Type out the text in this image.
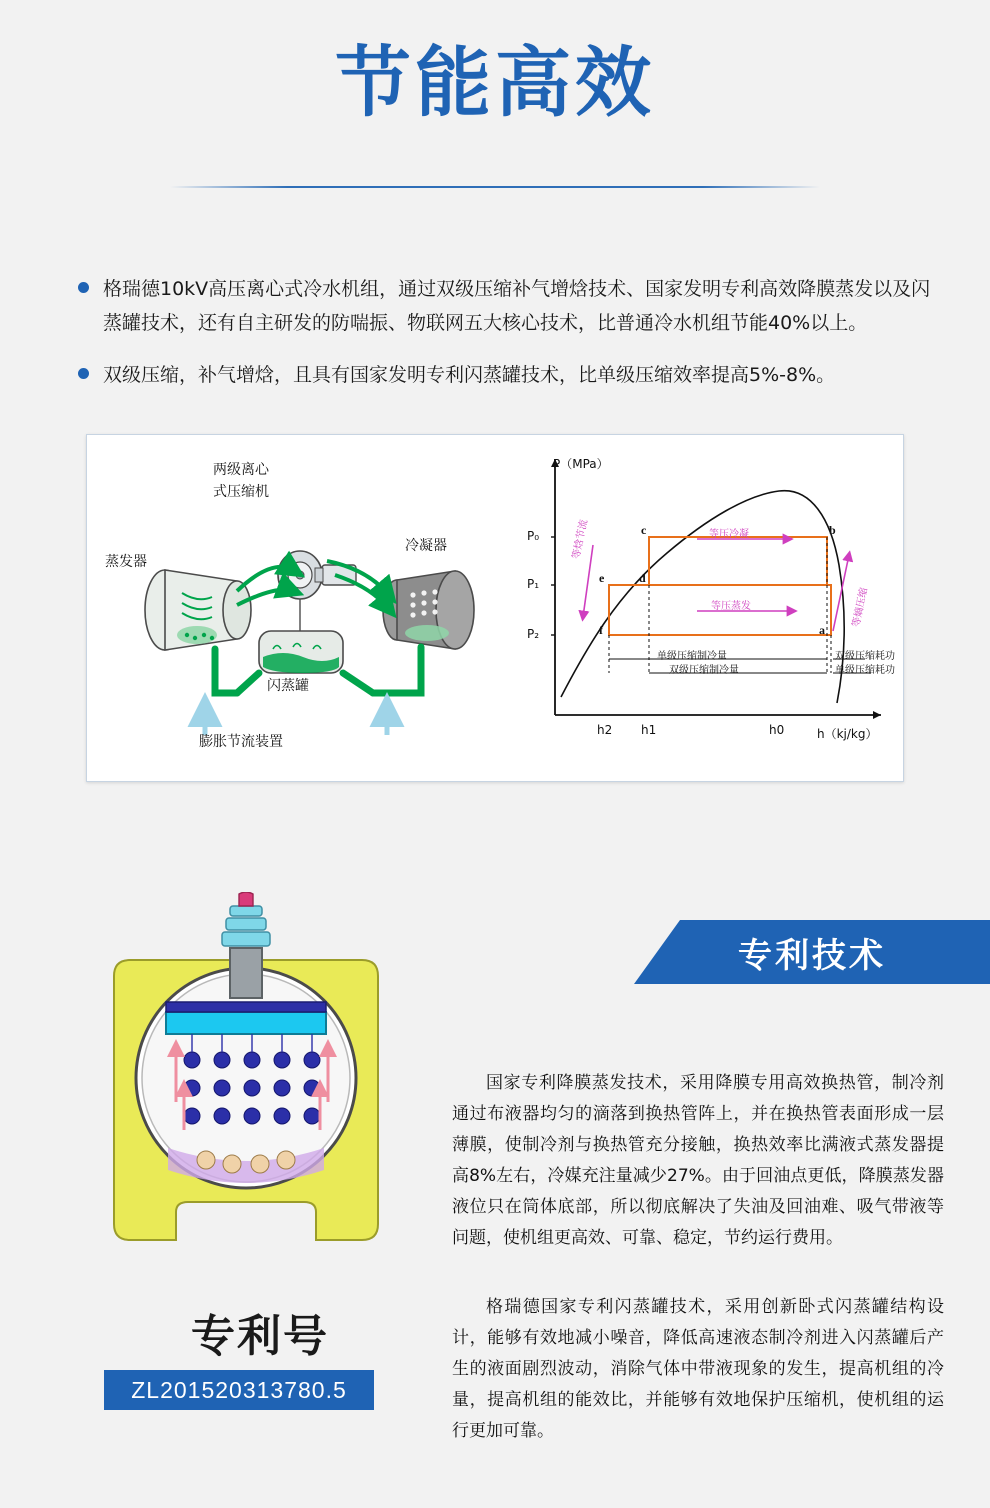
节能高效
格瑞德10kV高压离心式冷水机组，通过双级压缩补气增焓技术、国家发明专利高效降膜蒸发以及闪蒸罐技术，还有自主研发的防喘振、物联网五大核心技术，比普通冷水机组节能40%以上。
双级压缩，补气增焓，且具有国家发明专利闪蒸罐技术，比单级压缩效率提高5%-8%。
两级离心
式压缩机
蒸发器
冷凝器
闪蒸罐
膨胀节流装置
P（MPa）
h（kj/kg）
P₀
P₁
P₂
h2 h1	h0
c	b
e	d
f	a
等压冷凝
等压蒸发
等焓节流
等熵压缩
单级压缩制冷量
双级压缩制冷量
双级压缩耗功
单级压缩耗功
专利技术
国家专利降膜蒸发技术，采用降膜专用高效换热管，制冷剂通过布液器均匀的滴落到换热管阵上，并在换热管表面形成一层薄膜，使制冷剂与换热管充分接触，换热效率比满液式蒸发器提高8%左右，冷媒充注量减少27%。由于回油点更低，降膜蒸发器液位只在筒体底部，所以彻底解决了失油及回油难、吸气带液等问题，使机组更高效、可靠、稳定，节约运行费用。
格瑞德国家专利闪蒸罐技术，采用创新卧式闪蒸罐结构设计，能够有效地减小噪音，降低高速液态制冷剂进入闪蒸罐后产生的液面剧烈波动，消除气体中带液现象的发生，提高机组的冷量，提高机组的能效比，并能够有效地保护压缩机，使机组的运行更加可靠。
专利号
ZL201520313780.5
